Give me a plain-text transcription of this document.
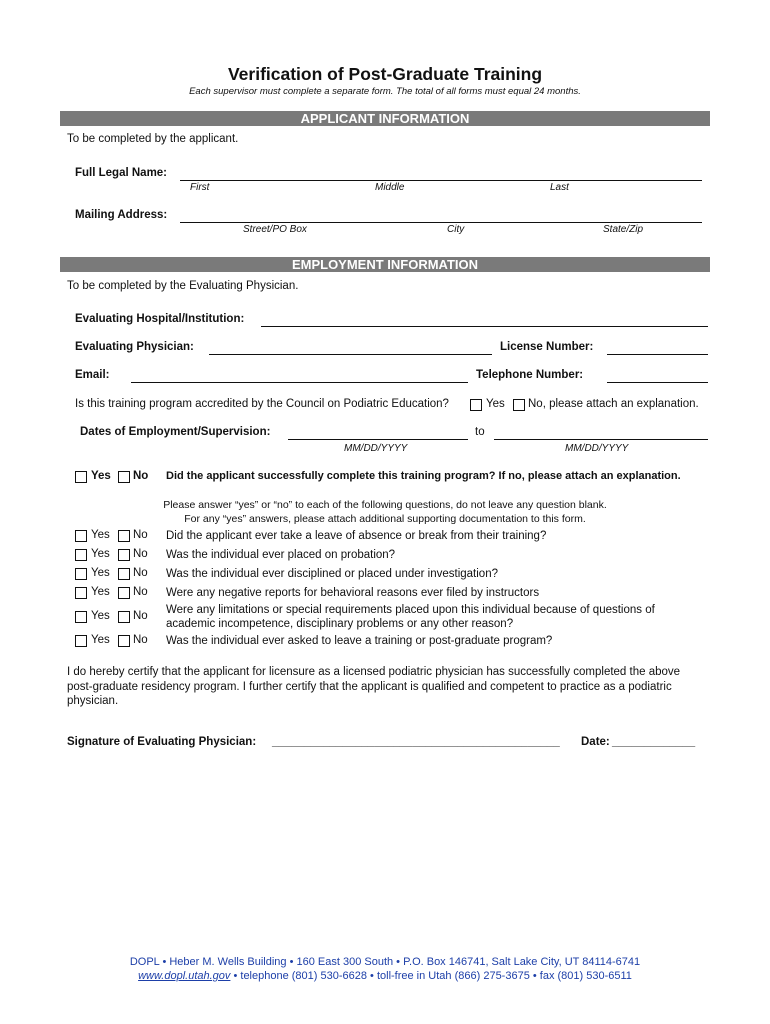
Verification of Post-Graduate Training
Each supervisor must complete a separate form. The total of all forms must equal 24 months.
APPLICANT INFORMATION
To be completed by the applicant.
Full Legal Name:
First	Middle	Last
Mailing Address:
Street/PO Box	City	State/Zip
EMPLOYMENT INFORMATION
To be completed by the Evaluating Physician.
Evaluating Hospital/Institution:
Evaluating Physician:	License Number:
Email:	Telephone Number:
Is this training program accredited by the Council on Podiatric Education?	Yes No, please attach an explanation.
Dates of Employment/Supervision:	to
MM/DD/YYYY	MM/DD/YYYY
Yes No Did the applicant successfully complete this training program? If no, please attach an explanation.
Please answer “yes” or “no” to each of the following questions, do not leave any question blank.
For any “yes” answers, please attach additional supporting documentation to this form.
Yes No Did the applicant ever take a leave of absence or break from their training?
Yes No Was the individual ever placed on probation?
Yes No Was the individual ever disciplined or placed under investigation?
Yes No Were any negative reports for behavioral reasons ever filed by instructors
Yes No Were any limitations or special requirements placed upon this individual because of questions of academic incompetence, disciplinary problems or any other reason?
Yes No Was the individual ever asked to leave a training or post-graduate program?
I do hereby certify that the applicant for licensure as a licensed podiatric physician has successfully completed the above post-graduate residency program. I further certify that the applicant is qualified and competent to practice as a podiatric physician.
Signature of Evaluating Physician: _____________________________________________ Date: _____________
DOPL • Heber M. Wells Building • 160 East 300 South • P.O. Box 146741, Salt Lake City, UT 84114-6741
www.dopl.utah.gov • telephone (801) 530-6628 • toll-free in Utah (866) 275-3675 • fax (801) 530-6511
